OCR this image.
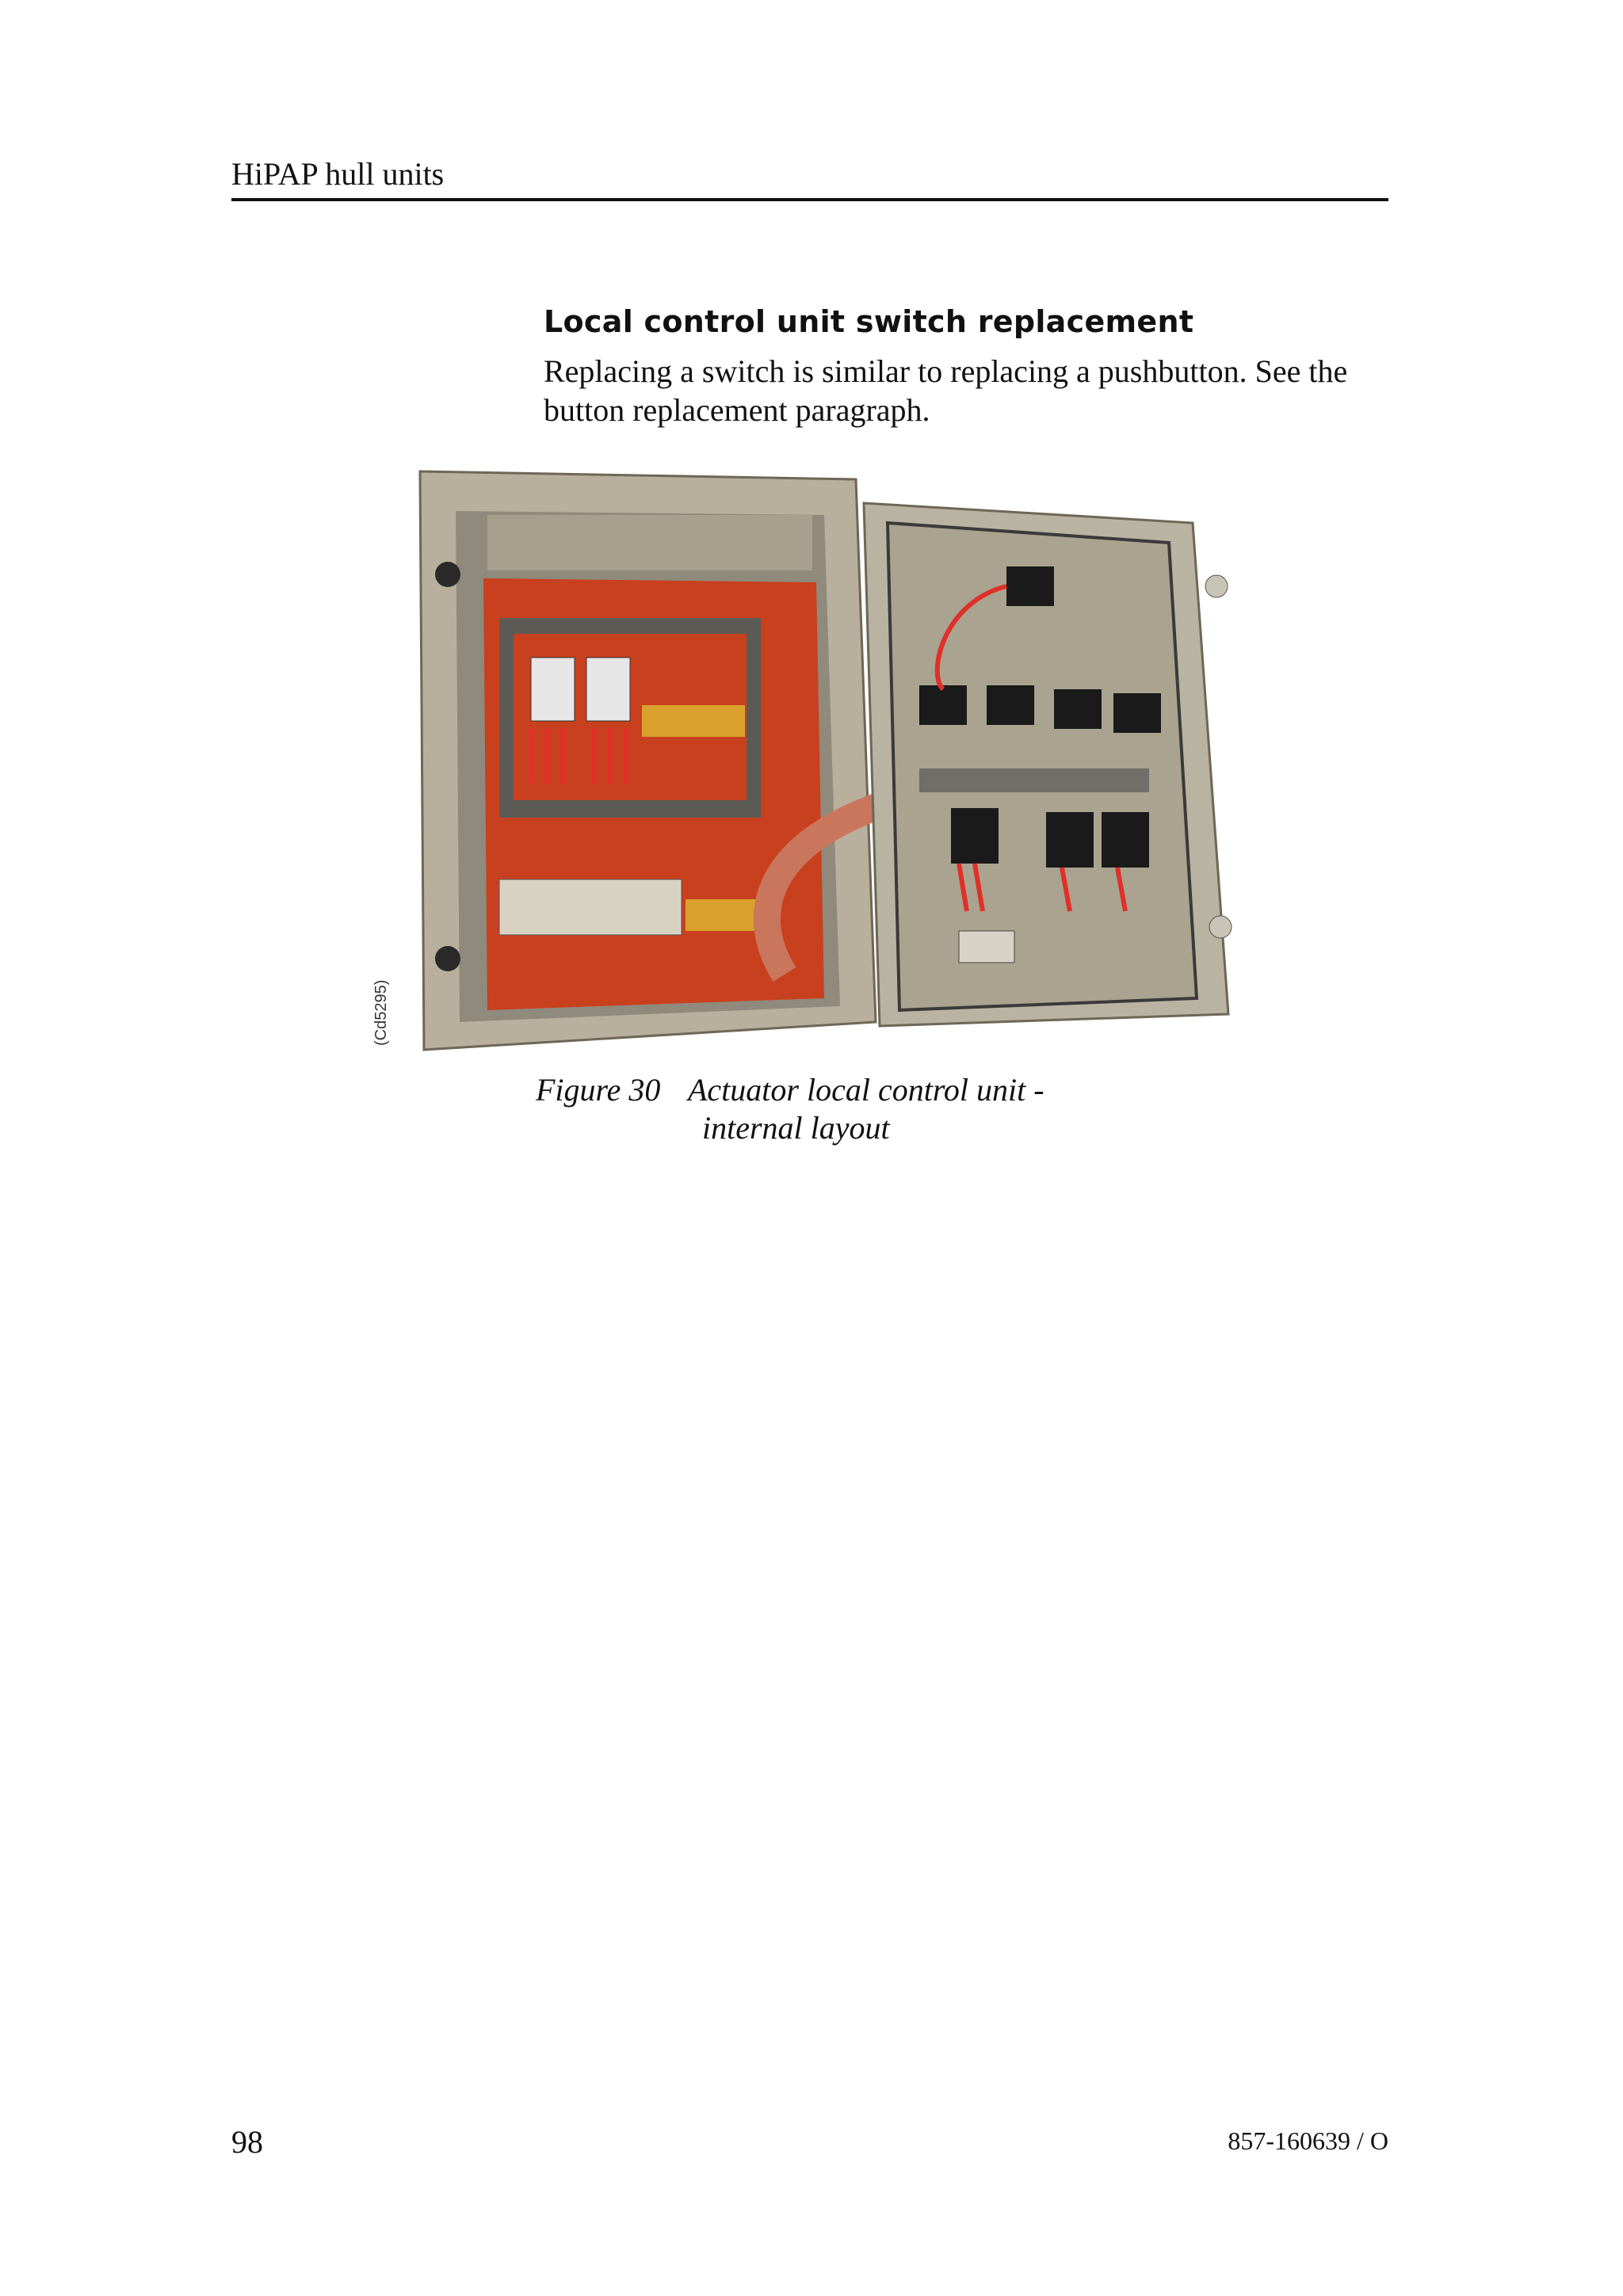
HiPAP hull units
Local control unit switch replacement
Replacing a switch is similar to replacing a pushbutton. See the button replacement paragraph.
(Cd5295)
Figure 30 Actuator local control unit -
internal layout
98	857-160639 / O
